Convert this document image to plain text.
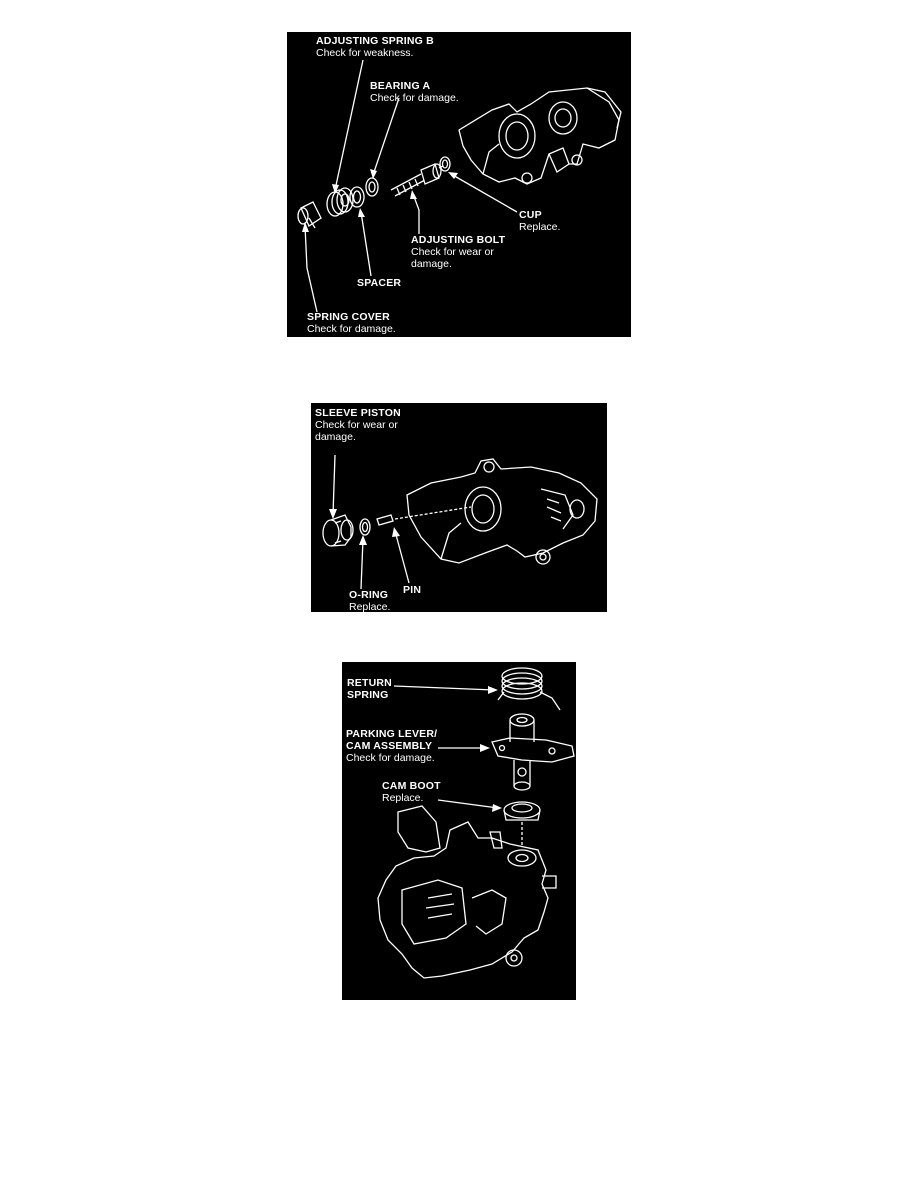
ADJUSTING SPRING B
Check for weakness.
BEARING A
Check for damage.
CUP
Replace.
ADJUSTING BOLT
Check for wear or
damage.
SPACER
SPRING COVER
Check for damage.
SLEEVE PISTON
Check for wear or
damage.
O-RING
Replace.
PIN
RETURN
SPRING
PARKING LEVER/
CAM ASSEMBLY
Check for damage.
CAM BOOT
Replace.
